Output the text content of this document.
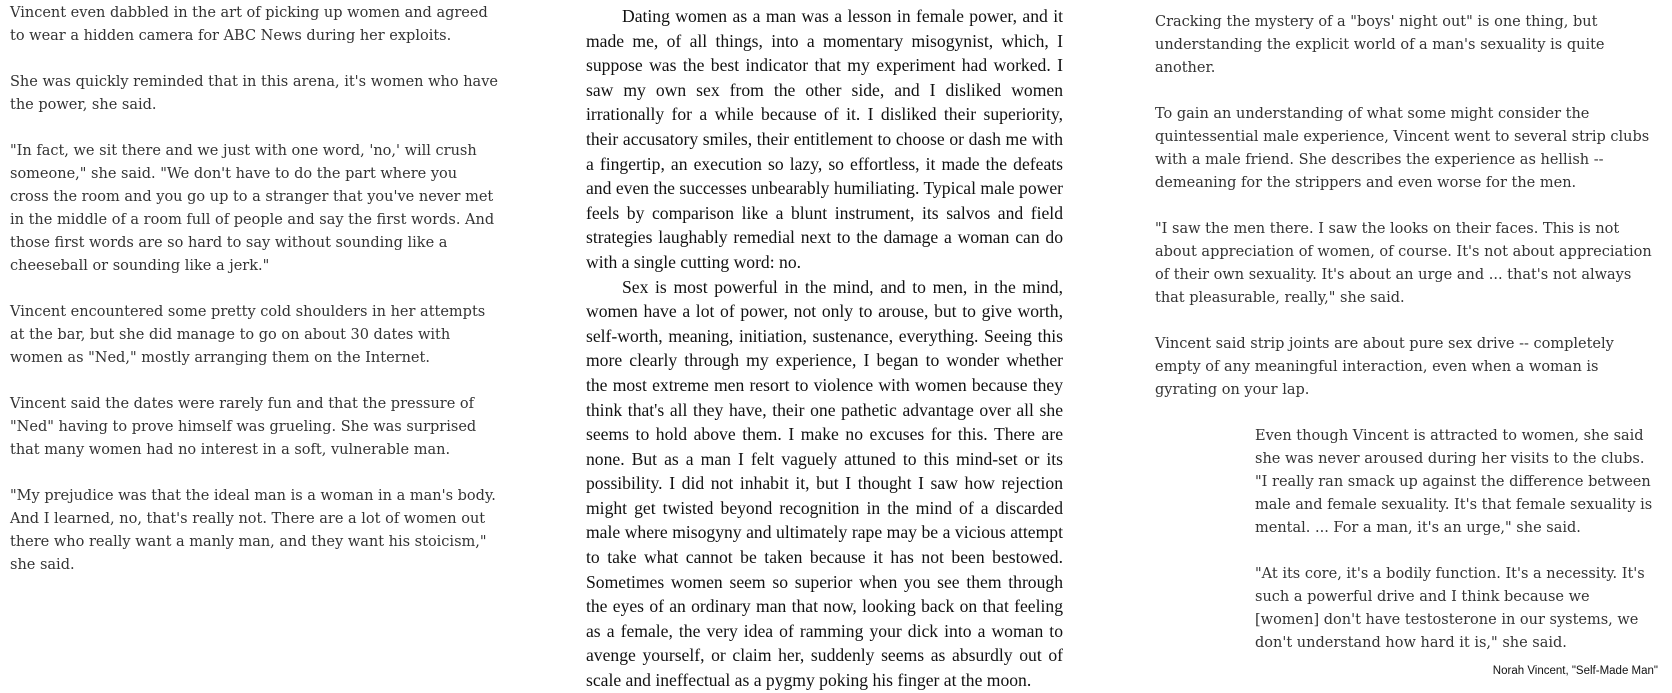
Vincent even dabbled in the art of picking up women and agreed to wear a hidden camera for ABC News during her exploits.

She was quickly reminded that in this arena, it's women who have the power, she said.

"In fact, we sit there and we just with one word, 'no,' will crush someone," she said. "We don't have to do the part where you cross the room and you go up to a stranger that you've never met in the middle of a room full of people and say the first words. And those first words are so hard to say without sounding like a cheeseball or sounding like a jerk."

Vincent encountered some pretty cold shoulders in her attempts at the bar, but she did manage to go on about 30 dates with women as "Ned," mostly arranging them on the Internet.

Vincent said the dates were rarely fun and that the pressure of "Ned" having to prove himself was grueling. She was surprised that many women had no interest in a soft, vulnerable man.

"My prejudice was that the ideal man is a woman in a man's body. And I learned, no, that's really not. There are a lot of women out there who really want a manly man, and they want his stoicism," she said.

Dating women as a man was a lesson in female power, and it made me, of all things, into a momentary misogynist, which, I suppose was the best indicator that my experiment had worked. I saw my own sex from the other side, and I disliked women irrationally for a while because of it. I disliked their superiority, their accusatory smiles, their entitlement to choose or dash me with a fingertip, an execution so lazy, so effortless, it made the defeats and even the successes unbearably humiliating. Typical male power feels by comparison like a blunt instrument, its salvos and field strategies laughably remedial next to the damage a woman can do with a single cutting word: no.

Sex is most powerful in the mind, and to men, in the mind, women have a lot of power, not only to arouse, but to give worth, self-worth, meaning, initiation, sustenance, everything. Seeing this more clearly through my experience, I began to wonder whether the most extreme men resort to violence with women because they think that's all they have, their one pathetic advantage over all she seems to hold above them. I make no excuses for this. There are none. But as a man I felt vaguely attuned to this mind-set or its possibility. I did not inhabit it, but I thought I saw how rejection might get twisted beyond recognition in the mind of a discarded male where misogyny and ultimately rape may be a vicious attempt to take what cannot be taken because it has not been bestowed. Sometimes women seem so superior when you see them through the eyes of an ordinary man that now, looking back on that feeling as a female, the very idea of ramming your dick into a woman to avenge yourself, or claim her, suddenly seems as absurdly out of scale and ineffectual as a pygmy poking his finger at the moon.

Cracking the mystery of a "boys' night out" is one thing, but understanding the explicit world of a man's sexuality is quite another.

To gain an understanding of what some might consider the quintessential male experience, Vincent went to several strip clubs with a male friend. She describes the experience as hellish -- demeaning for the strippers and even worse for the men.

"I saw the men there. I saw the looks on their faces. This is not about appreciation of women, of course. It's not about appreciation of their own sexuality. It's about an urge and ... that's not always that pleasurable, really," she said.

Vincent said strip joints are about pure sex drive -- completely empty of any meaningful interaction, even when a woman is gyrating on your lap.

Even though Vincent is attracted to women, she said she was never aroused during her visits to the clubs. "I really ran smack up against the difference between male and female sexuality. It's that female sexuality is mental. ... For a man, it's an urge," she said.

"At its core, it's a bodily function. It's a necessity. It's such a powerful drive and I think because we [women] don't have testosterone in our systems, we don't understand how hard it is," she said.

Norah Vincent, "Self-Made Man"
